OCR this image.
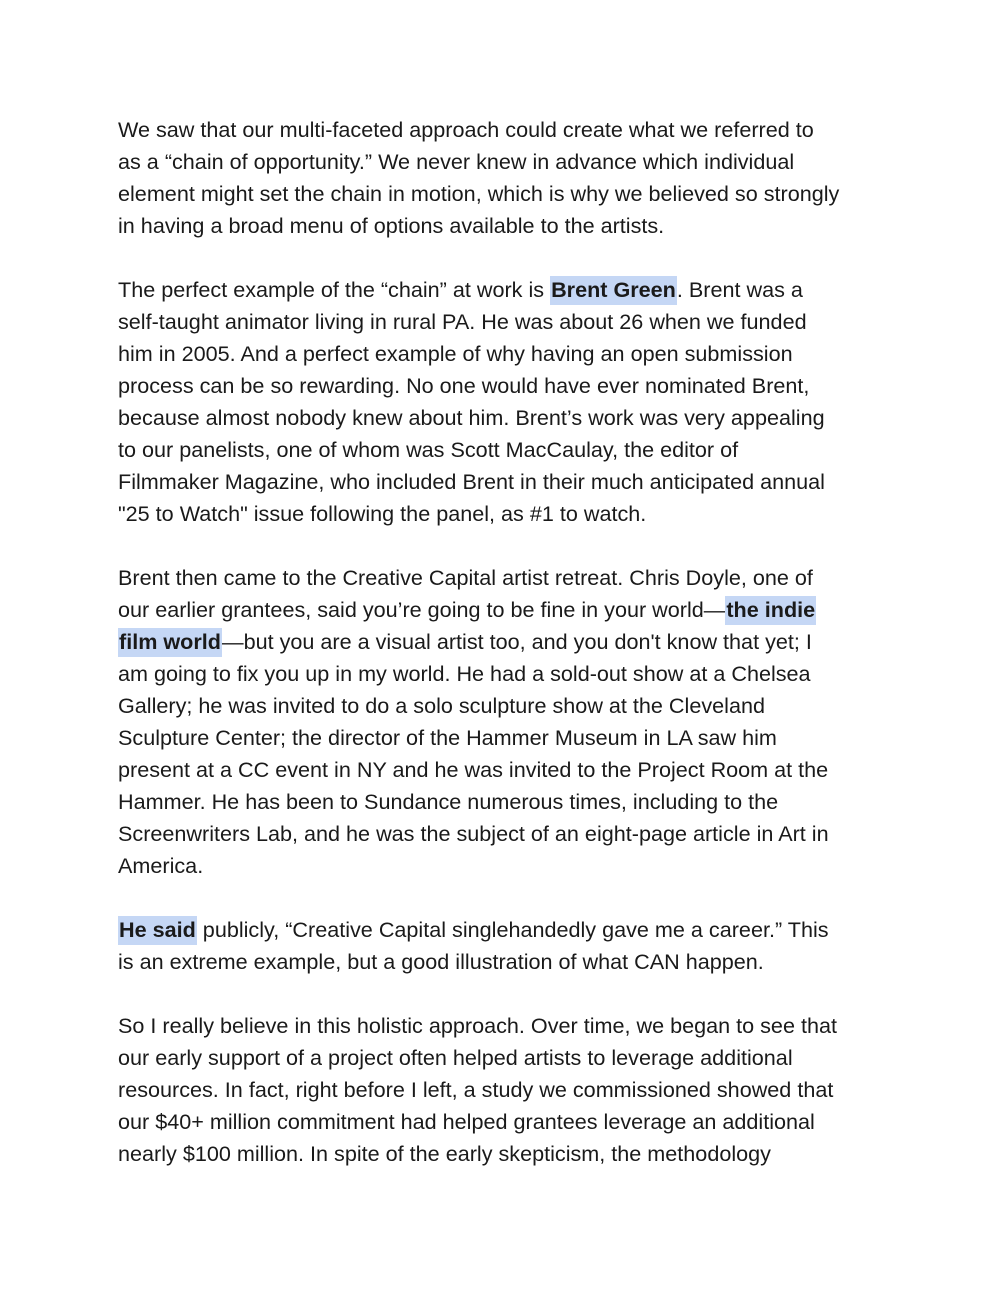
We saw that our multi-faceted approach could create what we referred to
as a “chain of opportunity.” We never knew in advance which individual
element might set the chain in motion, which is why we believed so strongly
in having a broad menu of options available to the artists.

The perfect example of the “chain” at work is Brent Green. Brent was a
self-taught animator living in rural PA. He was about 26 when we funded
him in 2005. And a perfect example of why having an open submission
process can be so rewarding. No one would have ever nominated Brent,
because almost nobody knew about him. Brent’s work was very appealing
to our panelists, one of whom was Scott MacCaulay, the editor of
Filmmaker Magazine, who included Brent in their much anticipated annual
"25 to Watch" issue following the panel, as #1 to watch.

Brent then came to the Creative Capital artist retreat. Chris Doyle, one of
our earlier grantees, said you’re going to be fine in your world—the indie
film world—but you are a visual artist too, and you don't know that yet; I
am going to fix you up in my world. He had a sold-out show at a Chelsea
Gallery; he was invited to do a solo sculpture show at the Cleveland
Sculpture Center; the director of the Hammer Museum in LA saw him
present at a CC event in NY and he was invited to the Project Room at the
Hammer. He has been to Sundance numerous times, including to the
Screenwriters Lab, and he was the subject of an eight-page article in Art in
America.

He said publicly, “Creative Capital singlehandedly gave me a career.” This
is an extreme example, but a good illustration of what CAN happen.

So I really believe in this holistic approach. Over time, we began to see that
our early support of a project often helped artists to leverage additional
resources. In fact, right before I left, a study we commissioned showed that
our $40+ million commitment had helped grantees leverage an additional
nearly $100 million. In spite of the early skepticism, the methodology
